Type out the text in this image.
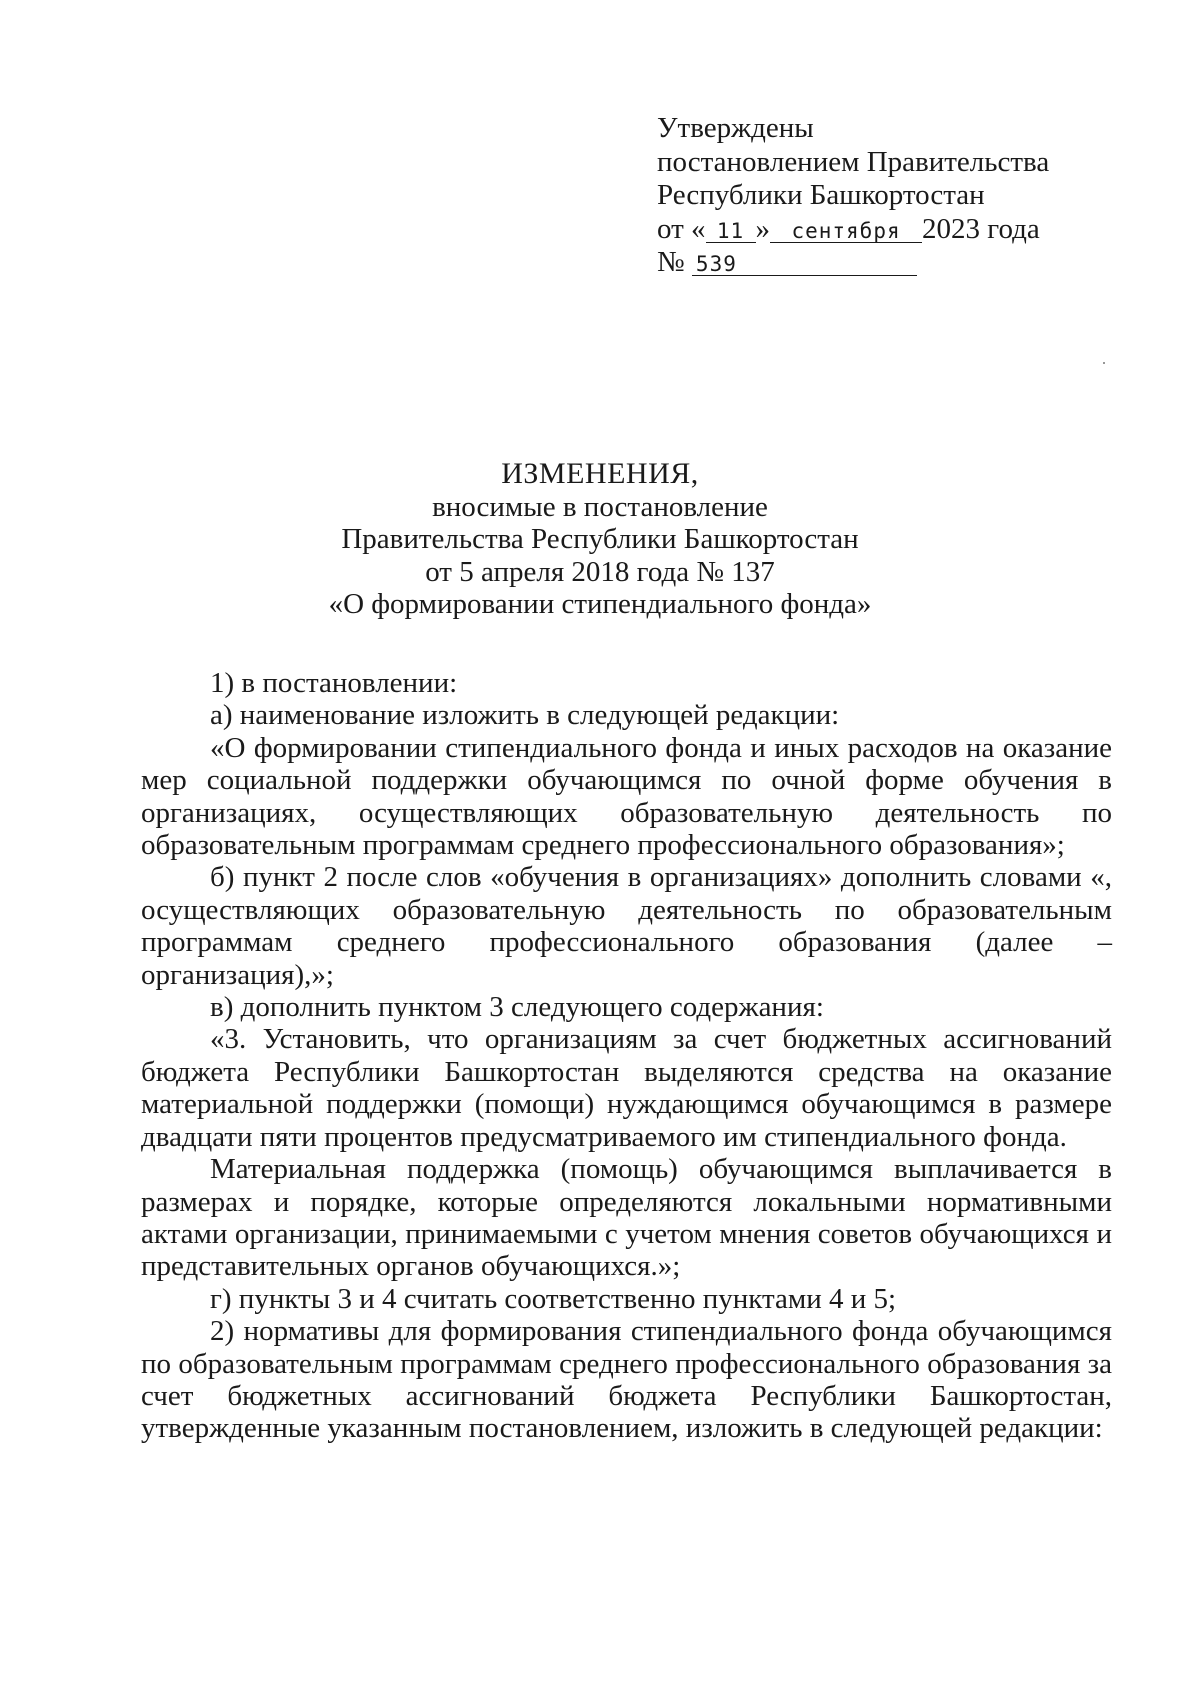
Утверждены
постановлением Правительства
Республики Башкортостан
от « 11 » сентября 2023 года
№ 539
ИЗМЕНЕНИЯ,
вносимые в постановление
Правительства Республики Башкортостан
от 5 апреля 2018 года № 137
«О формировании стипендиального фонда»

1) в постановлении:

а) наименование изложить в следующей редакции:

«О формировании стипендиального фонда и иных расходов на оказание мер социальной поддержки обучающимся по очной форме обучения в организациях, осуществляющих образовательную деятельность по образовательным программам среднего профессионального образования»;

б) пункт 2 после слов «обучения в организациях» дополнить словами «, осуществляющих образовательную деятельность по образовательным программам среднего профессионального образования (далее – организация),»;

в) дополнить пунктом 3 следующего содержания:

«3. Установить, что организациям за счет бюджетных ассигнований бюджета Республики Башкортостан выделяются средства на оказание материальной поддержки (помощи) нуждающимся обучающимся в размере двадцати пяти процентов предусматриваемого им стипендиального фонда.

Материальная поддержка (помощь) обучающимся выплачивается в размерах и порядке, которые определяются локальными нормативными актами организации, принимаемыми с учетом мнения советов обучающихся и представительных органов обучающихся.»;

г) пункты 3 и 4 считать соответственно пунктами 4 и 5;

2) нормативы для формирования стипендиального фонда обучающимся по образовательным программам среднего профессионального образования за счет бюджетных ассигнований бюджета Республики Башкортостан, утвержденные указанным постановлением, изложить в следующей редакции:
